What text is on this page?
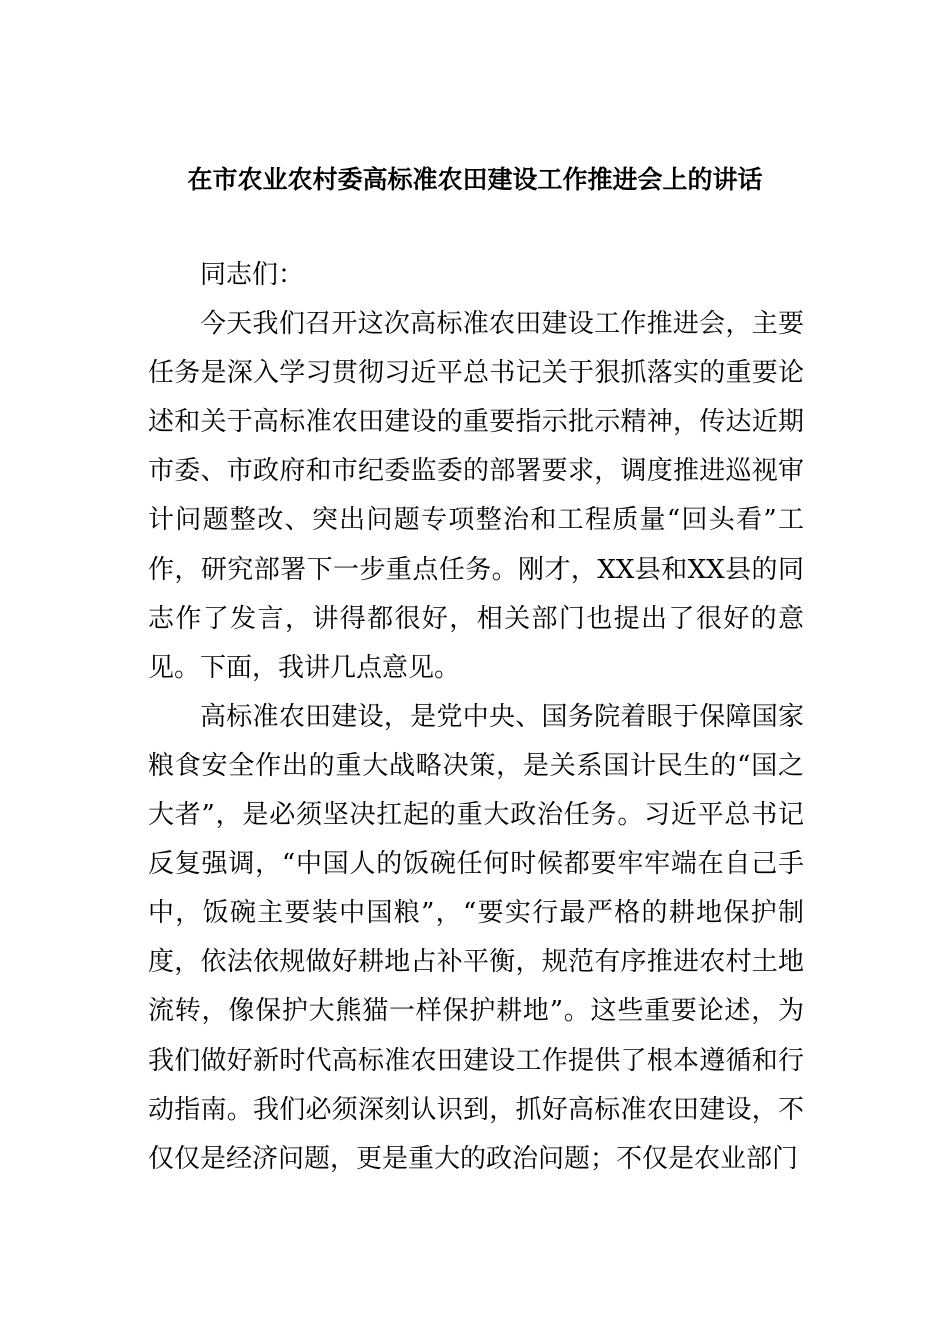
在市农业农村委高标准农田建设工作推进会上的讲话

同志们：

今天我们召开这次高标准农田建设工作推进会，主要任务是深入学习贯彻习近平总书记关于狠抓落实的重要论述和关于高标准农田建设的重要指示批示精神，传达近期市委、市政府和市纪委监委的部署要求，调度推进巡视审计问题整改、突出问题专项整治和工程质量“回头看”工作，研究部署下一步重点任务。刚才，XX县和XX县的同志作了发言，讲得都很好，相关部门也提出了很好的意见。下面，我讲几点意见。

高标准农田建设，是党中央、国务院着眼于保障国家粮食安全作出的重大战略决策，是关系国计民生的“国之大者”，是必须坚决扛起的重大政治任务。习近平总书记反复强调，“中国人的饭碗任何时候都要牢牢端在自己手中，饭碗主要装中国粮”，“要实行最严格的耕地保护制度，依法依规做好耕地占补平衡，规范有序推进农村土地流转，像保护大熊猫一样保护耕地”。这些重要论述，为我们做好新时代高标准农田建设工作提供了根本遵循和行动指南。我们必须深刻认识到，抓好高标准农田建设，不仅仅是经济问题，更是重大的政治问题；不仅是农业部门
